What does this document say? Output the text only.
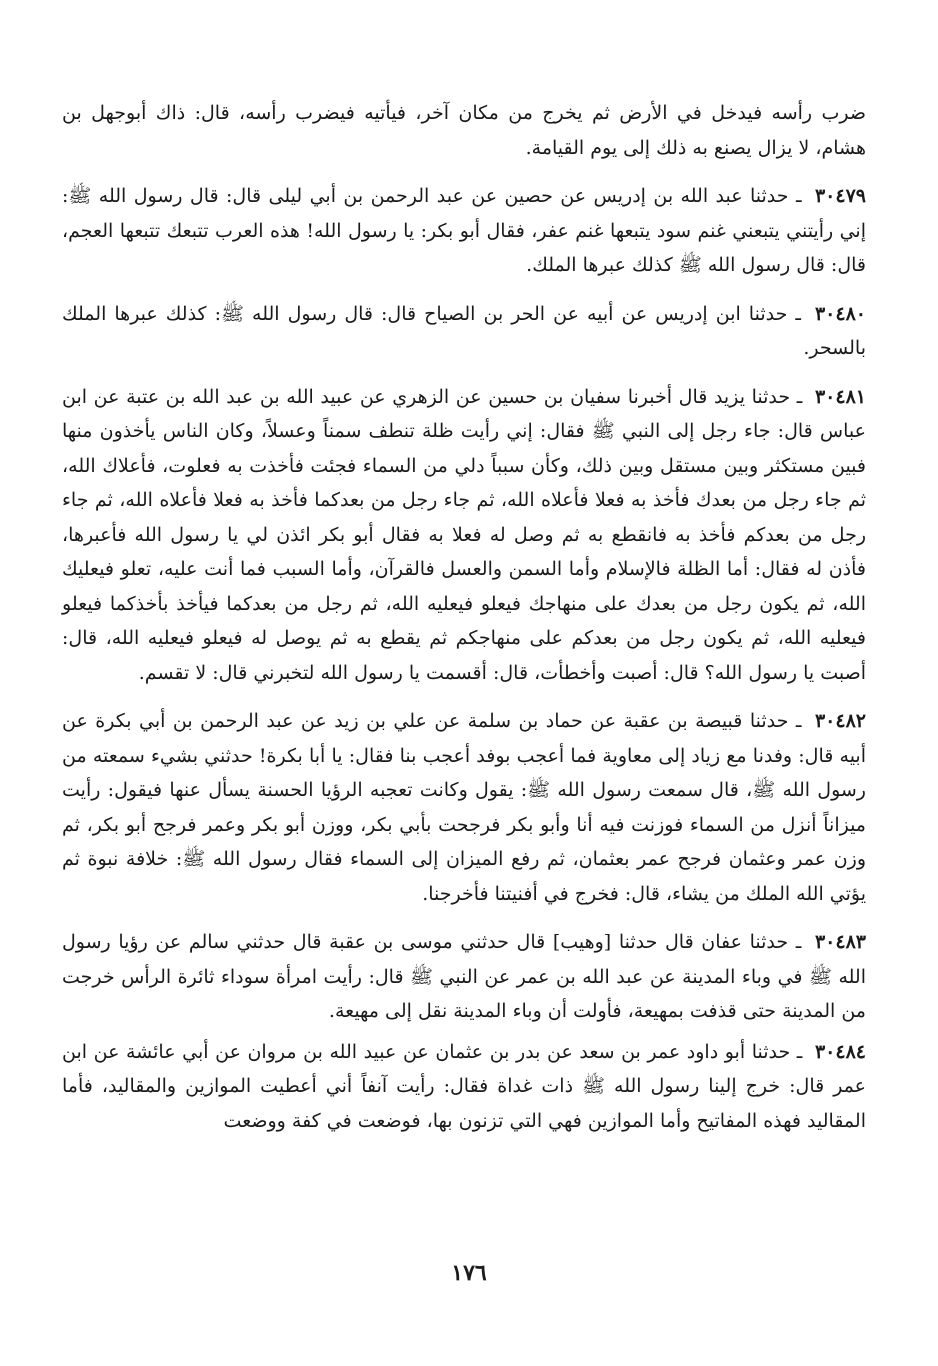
ضرب رأسه فيدخل في الأرض ثم يخرج من مكان آخر، فيأتيه فيضرب رأسه، قال: ذاك أبوجهل بن هشام، لا يزال يصنع به ذلك إلى يوم القيامة.

٣٠٤٧٩ ـ حدثنا عبد الله بن إدريس عن حصين عن عبد الرحمن بن أبي ليلى قال: قال رسول الله ﷺ: إني رأيتني يتبعني غنم سود يتبعها غنم عفر، فقال أبو بكر: يا رسول الله! هذه العرب تتبعك تتبعها العجم، قال: قال رسول الله ﷺ كذلك عبرها الملك.

٣٠٤٨٠ ـ حدثنا ابن إدريس عن أبيه عن الحر بن الصياح قال: قال رسول الله ﷺ: كذلك عبرها الملك بالسحر.

٣٠٤٨١ ـ حدثنا يزيد قال أخبرنا سفيان بن حسين عن الزهري عن عبيد الله بن عبد الله بن عتبة عن ابن عباس قال: جاء رجل إلى النبي ﷺ فقال: إني رأيت ظلة تنطف سمناً وعسلاً، وكان الناس يأخذون منها فبين مستكثر وبين مستقل وبين ذلك، وكأن سبباً دلي من السماء فجئت فأخذت به فعلوت، فأعلاك الله، ثم جاء رجل من بعدك فأخذ به فعلا فأعلاه الله، ثم جاء رجل من بعدكما فأخذ به فعلا فأعلاه الله، ثم جاء رجل من بعدكم فأخذ به فانقطع به ثم وصل له فعلا به فقال أبو بكر ائذن لي يا رسول الله فأعبرها، فأذن له فقال: أما الظلة فالإسلام وأما السمن والعسل فالقرآن، وأما السبب فما أنت عليه، تعلو فيعليك الله، ثم يكون رجل من بعدك على منهاجك فيعلو فيعليه الله، ثم رجل من بعدكما فيأخذ بأخذكما فيعلو فيعليه الله، ثم يكون رجل من بعدكم على منهاجكم ثم يقطع به ثم يوصل له فيعلو فيعليه الله، قال: أصبت يا رسول الله؟ قال: أصبت وأخطأت، قال: أقسمت يا رسول الله لتخبرني قال: لا تقسم.

٣٠٤٨٢ ـ حدثنا قبيصة بن عقبة عن حماد بن سلمة عن علي بن زيد عن عبد الرحمن بن أبي بكرة عن أبيه قال: وفدنا مع زياد إلى معاوية فما أعجب بوفد أعجب بنا فقال: يا أبا بكرة! حدثني بشيء سمعته من رسول الله ﷺ، قال سمعت رسول الله ﷺ: يقول وكانت تعجبه الرؤيا الحسنة يسأل عنها فيقول: رأيت ميزاناً أنزل من السماء فوزنت فيه أنا وأبو بكر فرجحت بأبي بكر، ووزن أبو بكر وعمر فرجح أبو بكر، ثم وزن عمر وعثمان فرجح عمر بعثمان، ثم رفع الميزان إلى السماء فقال رسول الله ﷺ: خلافة نبوة ثم يؤتي الله الملك من يشاء، قال: فخرج في أفنيتنا فأخرجنا.

٣٠٤٨٣ ـ حدثنا عفان قال حدثنا [وهيب] قال حدثني موسى بن عقبة قال حدثني سالم عن رؤيا رسول الله ﷺ في وباء المدينة عن عبد الله بن عمر عن النبي ﷺ قال: رأيت امرأة سوداء ثائرة الرأس خرجت من المدينة حتى قذفت بمهيعة، فأولت أن وباء المدينة نقل إلى مهيعة.

٣٠٤٨٤ ـ حدثنا أبو داود عمر بن سعد عن بدر بن عثمان عن عبيد الله بن مروان عن أبي عائشة عن ابن عمر قال: خرج إلينا رسول الله ﷺ ذات غداة فقال: رأيت آنفاً أني أعطيت الموازين والمقاليد، فأما المقاليد فهذه المفاتيح وأما الموازين فهي التي تزنون بها، فوضعت في كفة ووضعت

١٧٦
